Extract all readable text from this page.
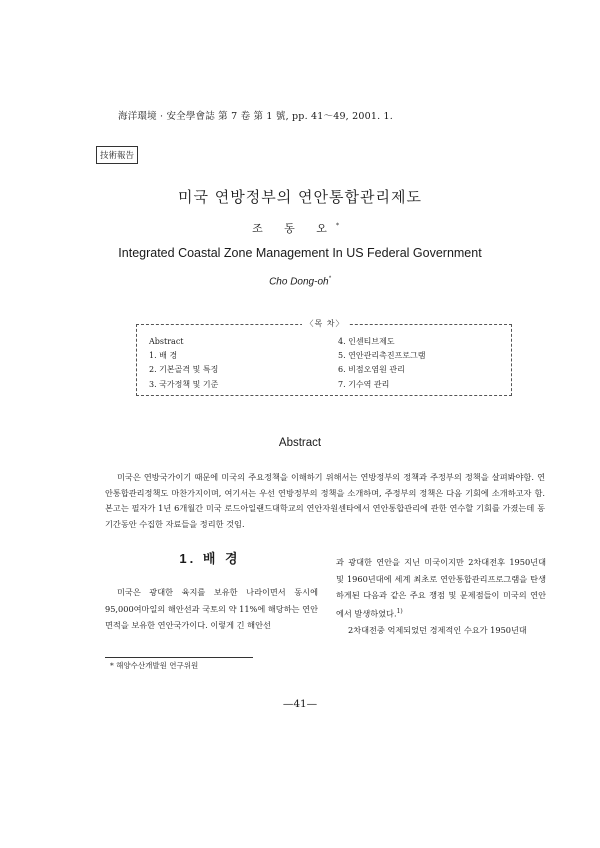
海洋環境 · 安全學會誌 第 7 卷 第 1 號, pp. 41～49, 2001. 1.
技術報告
미국 연방정부의 연안통합관리제도
조 동 오*
Integrated Coastal Zone Management In US Federal Government
Cho Dong-oh*
〈목 차〉
Abstract
1. 배 경
2. 기본골격 및 특징
3. 국가정책 및 기준
4. 인센티브제도
5. 연안관리촉진프로그램
6. 비점오염원 관리
7. 기수역 관리
Abstract
미국은 연방국가이기 때문에 미국의 주요정책을 이해하기 위해서는 연방정부의 정책과 주정부의 정책을 살펴봐야함. 연안통합관리정책도 마찬가지이며, 여기서는 우선 연방정부의 정책을 소개하며, 주정부의 정책은 다음 기회에 소개하고자 함. 본고는 필자가 1년 6개월간 미국 로드아일랜드대학교의 연안자원센타에서 연안통합관리에 관한 연수할 기회를 가졌는데 동 기간동안 수집한 자료들을 정리한 것임.
1. 배 경
미국은 광대한 육지를 보유한 나라이면서 동시에 95,000여마일의 해안선과 국토의 약 11%에 해당하는 연안면적을 보유한 연안국가이다. 이렇게 긴 해안선

과 광대한 연안을 지닌 미국이지만 2차대전후 1950년대 및 1960년대에 세계 최초로 연안통합관리프로그램을 탄생하게된 다음과 같은 주요 쟁점 및 문제점들이 미국의 연안에서 발생하였다.$^{1)}$

2차대전중 억제되었던 경제적인 수요가 1950년대

* 해양수산개발원 연구위원
—41—
